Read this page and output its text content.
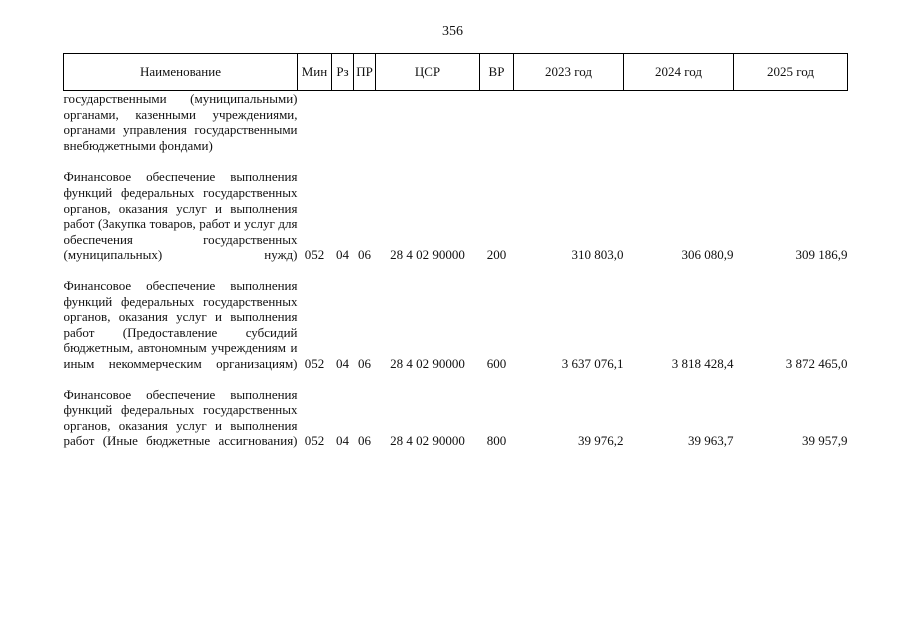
356
Наименование	Мин	Рз	ПР	ЦСР	ВР	2023 год	2024 год	2025 год
государственными (муниципальными) органами, казенными учреждениями, органами управления государственными внебюджетными фондами)								
Финансовое обеспечение выполнения функций федеральных государственных органов, оказания услуг и выполнения работ (Закупка товаров, работ и услуг для обеспечения государственных (муниципальных) нужд)	052	04	06	28 4 02 90000	200	310 803,0	306 080,9	309 186,9
Финансовое обеспечение выполнения функций федеральных государственных органов, оказания услуг и выполнения работ (Предоставление субсидий бюджетным, автономным учреждениям и иным некоммерческим организациям)	052	04	06	28 4 02 90000	600	3 637 076,1	3 818 428,4	3 872 465,0
Финансовое обеспечение выполнения функций федеральных государственных органов, оказания услуг и выполнения работ (Иные бюджетные ассигнования)	052	04	06	28 4 02 90000	800	39 976,2	39 963,7	39 957,9
